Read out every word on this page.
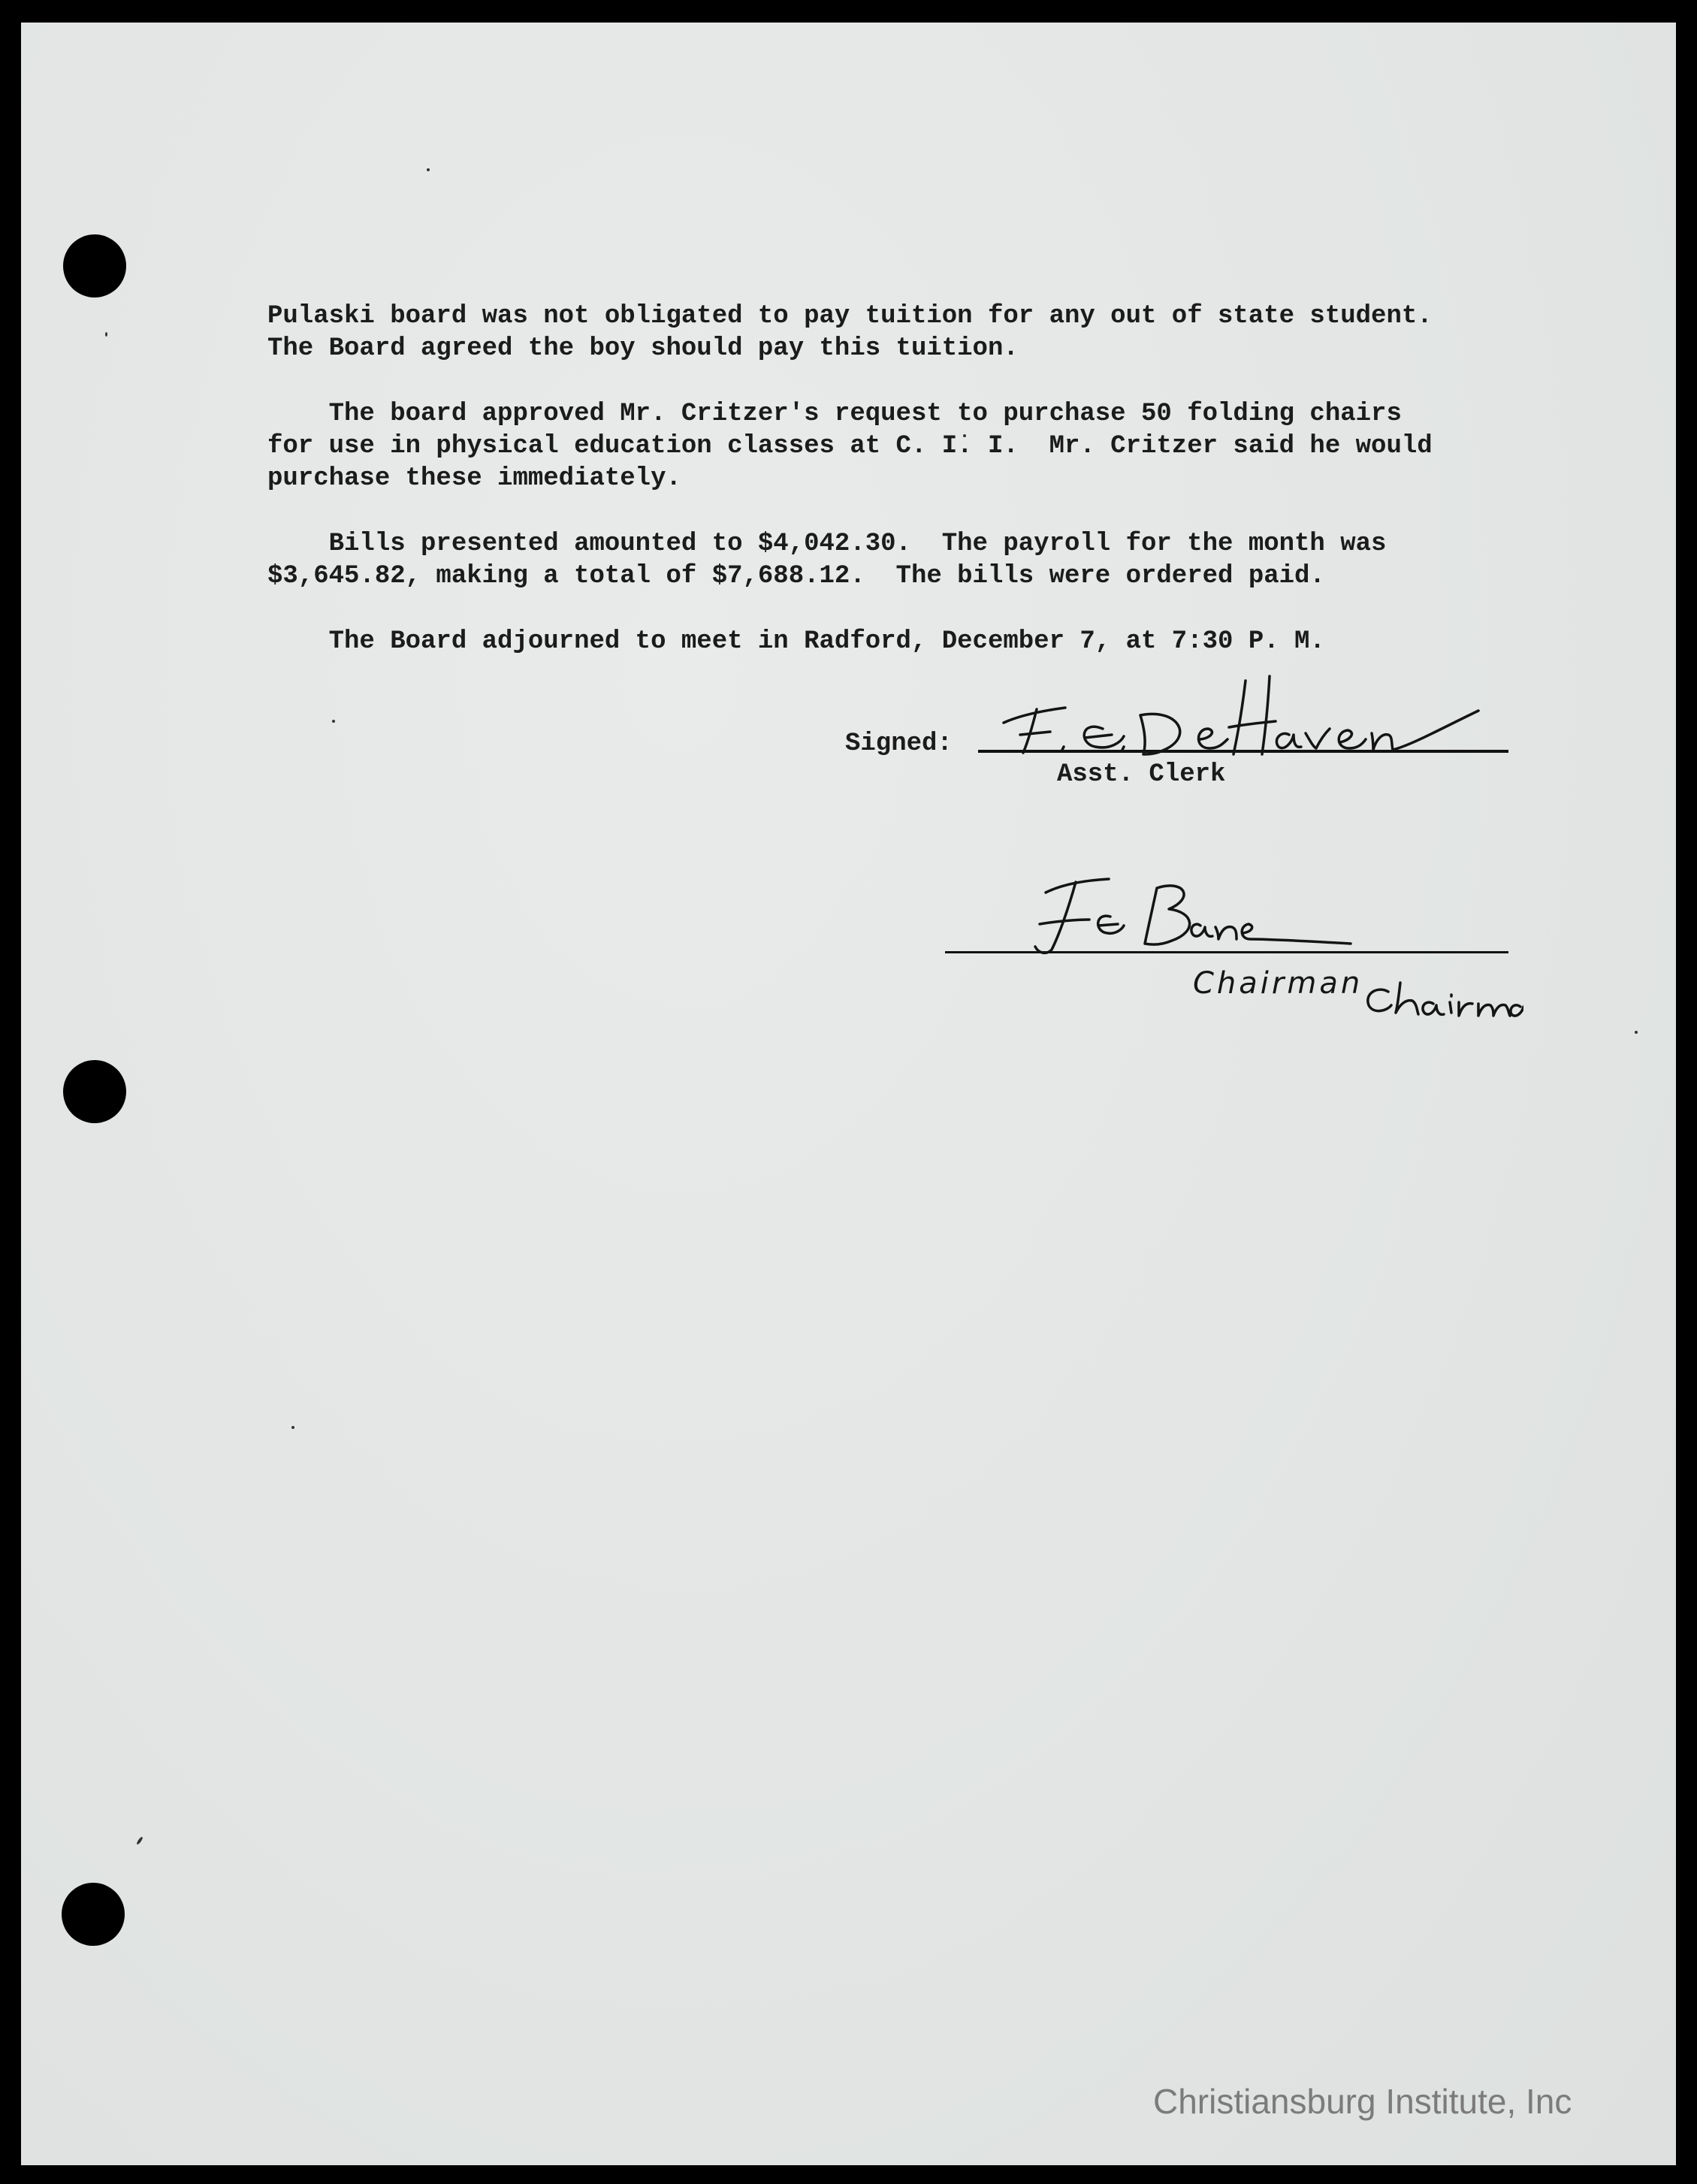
Pulaski board was not obligated to pay tuition for any out of state student.

The Board agreed the boy should pay this tuition.

The board approved Mr. Critzer's request to purchase 50 folding chairs

for use in physical education classes at C. I. I.  Mr. Critzer said he would

purchase these immediately.

Bills presented amounted to $4,042.30.  The payroll for the month was

$3,645.82, making a total of $7,688.12.  The bills were ordered paid.

The Board adjourned to meet in Radford, December 7, at 7:30 P. M.

Signed:

Asst. Clerk

Chairman
Christiansburg Institute, Inc
